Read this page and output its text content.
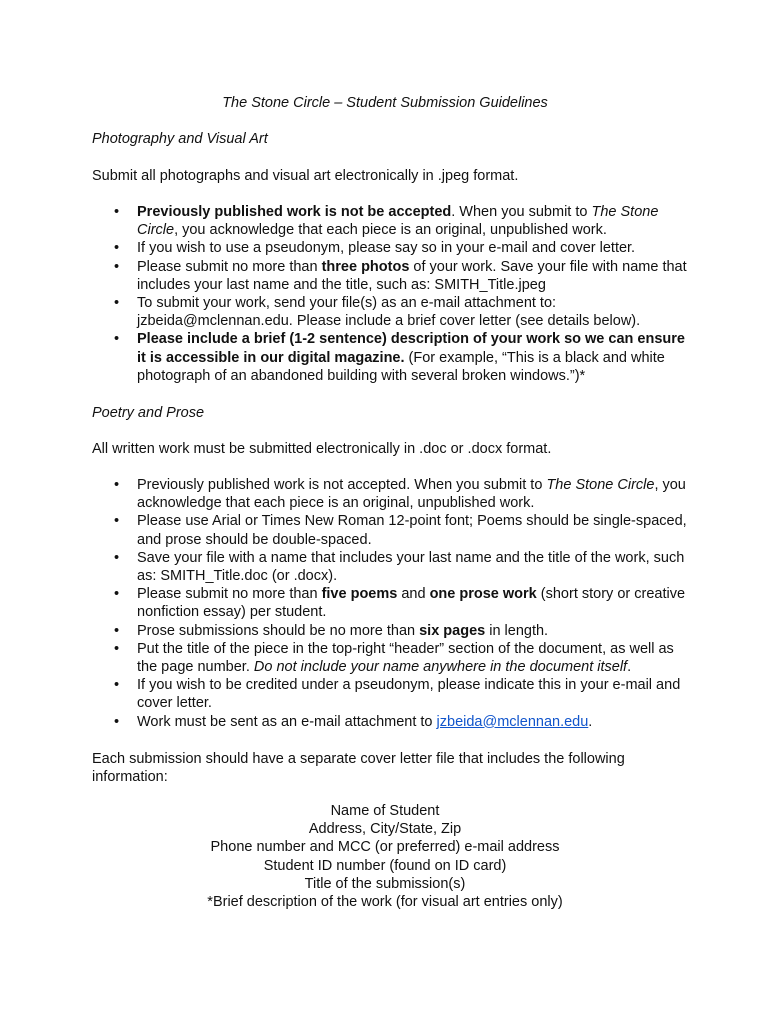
The Stone Circle – Student Submission Guidelines
Photography and Visual Art
Submit all photographs and visual art electronically in .jpeg format.
• Previously published work is not be accepted. When you submit to The Stone Circle, you acknowledge that each piece is an original, unpublished work.
• If you wish to use a pseudonym, please say so in your e-mail and cover letter.
• Please submit no more than three photos of your work. Save your file with name that includes your last name and the title, such as: SMITH_Title.jpeg
• To submit your work, send your file(s) as an e-mail attachment to: jzbeida@mclennan.edu. Please include a brief cover letter (see details below).
• Please include a brief (1-2 sentence) description of your work so we can ensure it is accessible in our digital magazine. (For example, “This is a black and white photograph of an abandoned building with several broken windows.”)*
Poetry and Prose
All written work must be submitted electronically in .doc or .docx format.
• Previously published work is not accepted. When you submit to The Stone Circle, you acknowledge that each piece is an original, unpublished work.
• Please use Arial or Times New Roman 12-point font; Poems should be single-spaced, and prose should be double-spaced.
• Save your file with a name that includes your last name and the title of the work, such as: SMITH_Title.doc (or .docx).
• Please submit no more than five poems and one prose work (short story or creative nonfiction essay) per student.
• Prose submissions should be no more than six pages in length.
• Put the title of the piece in the top-right “header” section of the document, as well as the page number. Do not include your name anywhere in the document itself.
• If you wish to be credited under a pseudonym, please indicate this in your e-mail and cover letter.
• Work must be sent as an e-mail attachment to jzbeida@mclennan.edu.
Each submission should have a separate cover letter file that includes the following information:
Name of Student
Address, City/State, Zip
Phone number and MCC (or preferred) e-mail address
Student ID number (found on ID card)
Title of the submission(s)
*Brief description of the work (for visual art entries only)
